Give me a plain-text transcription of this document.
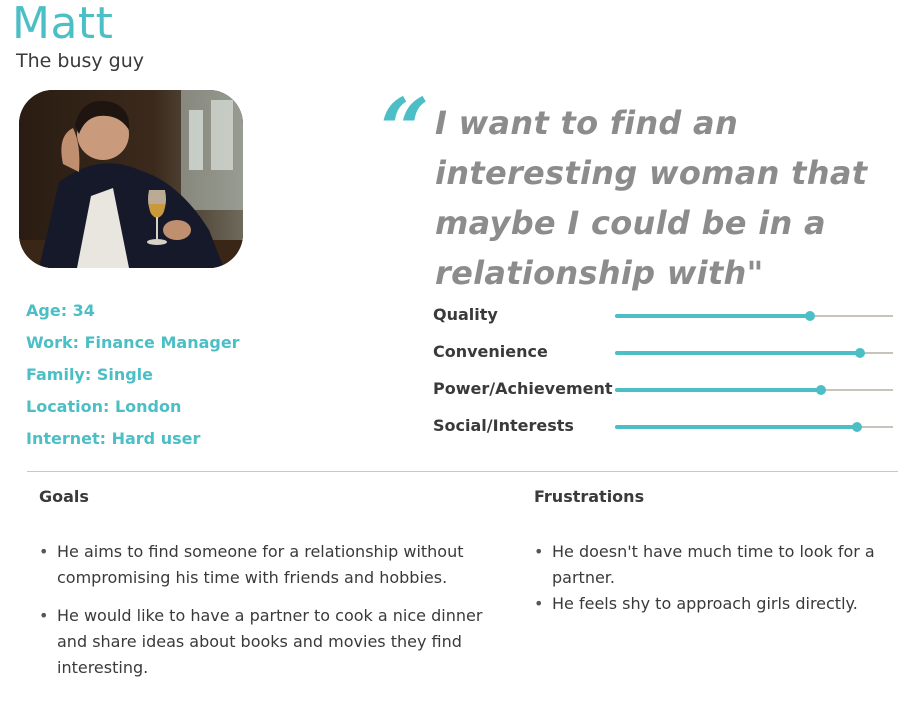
Matt
The busy guy
“ I want to find an interesting woman that maybe I could be in a relationship with"
Age: 34
Work: Finance Manager
Family: Single
Location: London
Internet: Hard user
Quality
Convenience
Power/Achievement
Social/Interests
Goals
• He aims to find someone for a relationship without compromising his time with friends and hobbies.
• He would like to have a partner to cook a nice dinner and share ideas about books and movies they find interesting.
Frustrations
• He doesn't have much time to look for a partner.
• He feels shy to approach girls directly.
